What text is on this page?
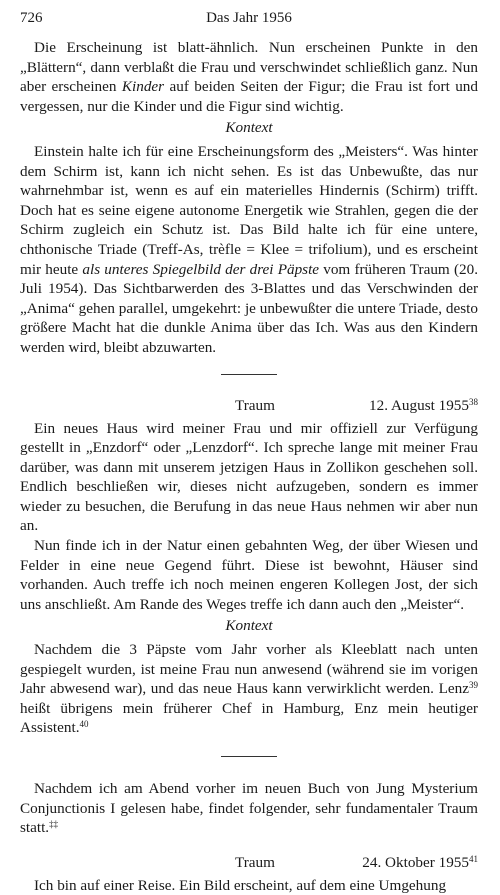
726	Das Jahr 1956

Die Erscheinung ist blatt-ähnlich. Nun erscheinen Punkte in den „Blättern“, dann verblaßt die Frau und verschwindet schließlich ganz. Nun aber erscheinen Kinder auf beiden Seiten der Figur; die Frau ist fort und vergessen, nur die Kinder und die Figur sind wichtig.

Kontext

Einstein halte ich für eine Erscheinungsform des „Meisters“. Was hinter dem Schirm ist, kann ich nicht sehen. Es ist das Unbewußte, das nur wahrnehmbar ist, wenn es auf ein materielles Hindernis (Schirm) trifft. Doch hat es seine eigene autonome Energetik wie Strahlen, gegen die der Schirm zugleich ein Schutz ist. Das Bild halte ich für eine untere, chthonische Triade (Treff-As, trèfle = Klee = trifolium), und es erscheint mir heute als unteres Spiegelbild der drei Päpste vom früheren Traum (20. Juli 1954). Das Sichtbarwerden des 3-Blattes und das Verschwinden der „Anima“ gehen parallel, umgekehrt: je unbewußter die untere Triade, desto größere Macht hat die dunkle Anima über das Ich. Was aus den Kindern werden wird, bleibt abzuwarten.

Traum	12. August 1955$^{38}$

Ein neues Haus wird meiner Frau und mir offiziell zur Verfügung gestellt in „Enzdorf“ oder „Lenzdorf“. Ich spreche lange mit meiner Frau darüber, was dann mit unserem jetzigen Haus in Zollikon geschehen soll. Endlich beschließen wir, dieses nicht aufzugeben, sondern es immer wieder zu besuchen, die Berufung in das neue Haus nehmen wir aber nun an.

Nun finde ich in der Natur einen gebahnten Weg, der über Wiesen und Felder in eine neue Gegend führt. Diese ist bewohnt, Häuser sind vorhanden. Auch treffe ich noch meinen engeren Kollegen Jost, der sich uns anschließt. Am Rande des Weges treffe ich dann auch den „Meister“.

Kontext

Nachdem die 3 Päpste vom Jahr vorher als Kleeblatt nach unten gespiegelt wurden, ist meine Frau nun anwesend (während sie im vorigen Jahr abwesend war), und das neue Haus kann verwirklicht werden. Lenz$^{39}$ heißt übrigens mein früherer Chef in Hamburg, Enz mein heutiger Assistent.$^{40}$

Nachdem ich am Abend vorher im neuen Buch von Jung Mysterium Conjunctionis I gelesen habe, findet folgender, sehr fundamentaler Traum statt.‡‡

Traum	24. Oktober 1955$^{41}$

Ich bin auf einer Reise. Ein Bild erscheint, auf dem eine Umgehung
